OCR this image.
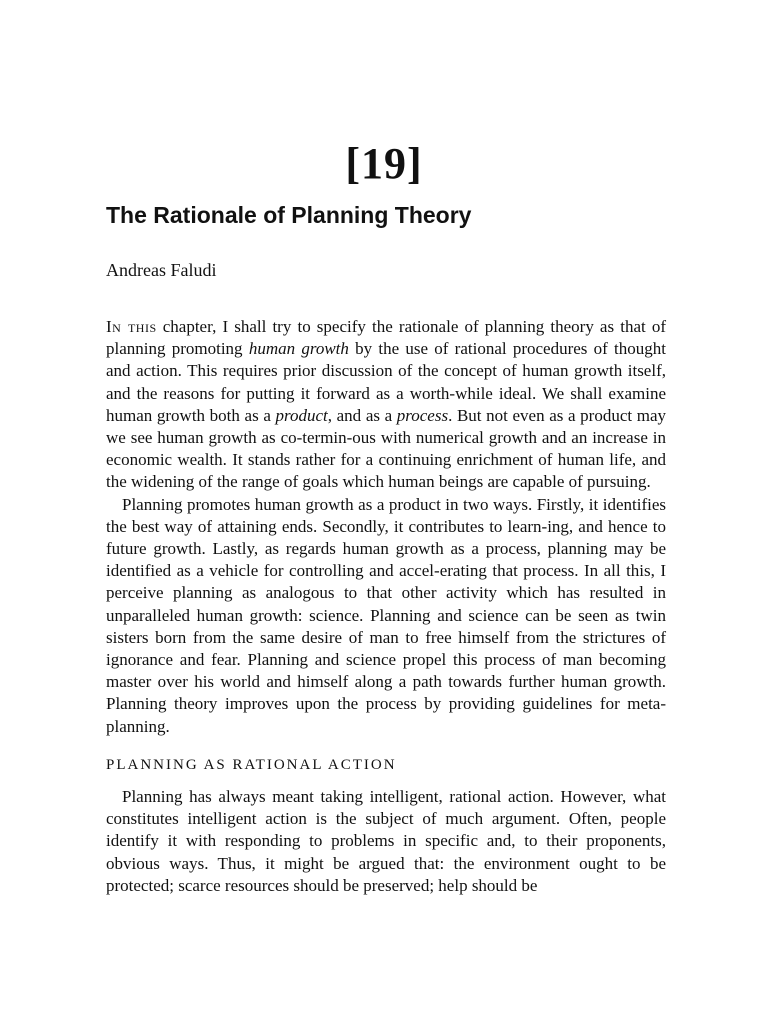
[19]
The Rationale of Planning Theory
Andreas Faludi

In this chapter, I shall try to specify the rationale of planning theory as that of planning promoting human growth by the use of rational procedures of thought and action. This requires prior discussion of the concept of human growth itself, and the reasons for putting it forward as a worth-while ideal. We shall examine human growth both as a product, and as a process. But not even as a product may we see human growth as co-termin-ous with numerical growth and an increase in economic wealth. It stands rather for a continuing enrichment of human life, and the widening of the range of goals which human beings are capable of pursuing.

Planning promotes human growth as a product in two ways. Firstly, it identifies the best way of attaining ends. Secondly, it contributes to learn-ing, and hence to future growth. Lastly, as regards human growth as a process, planning may be identified as a vehicle for controlling and accel-erating that process. In all this, I perceive planning as analogous to that other activity which has resulted in unparalleled human growth: science. Planning and science can be seen as twin sisters born from the same desire of man to free himself from the strictures of ignorance and fear. Planning and science propel this process of man becoming master over his world and himself along a path towards further human growth. Planning theory improves upon the process by providing guidelines for meta-planning.

PLANNING AS RATIONAL ACTION

Planning has always meant taking intelligent, rational action. However, what constitutes intelligent action is the subject of much argument. Often, people identify it with responding to problems in specific and, to their proponents, obvious ways. Thus, it might be argued that: the environment ought to be protected; scarce resources should be preserved; help should be
